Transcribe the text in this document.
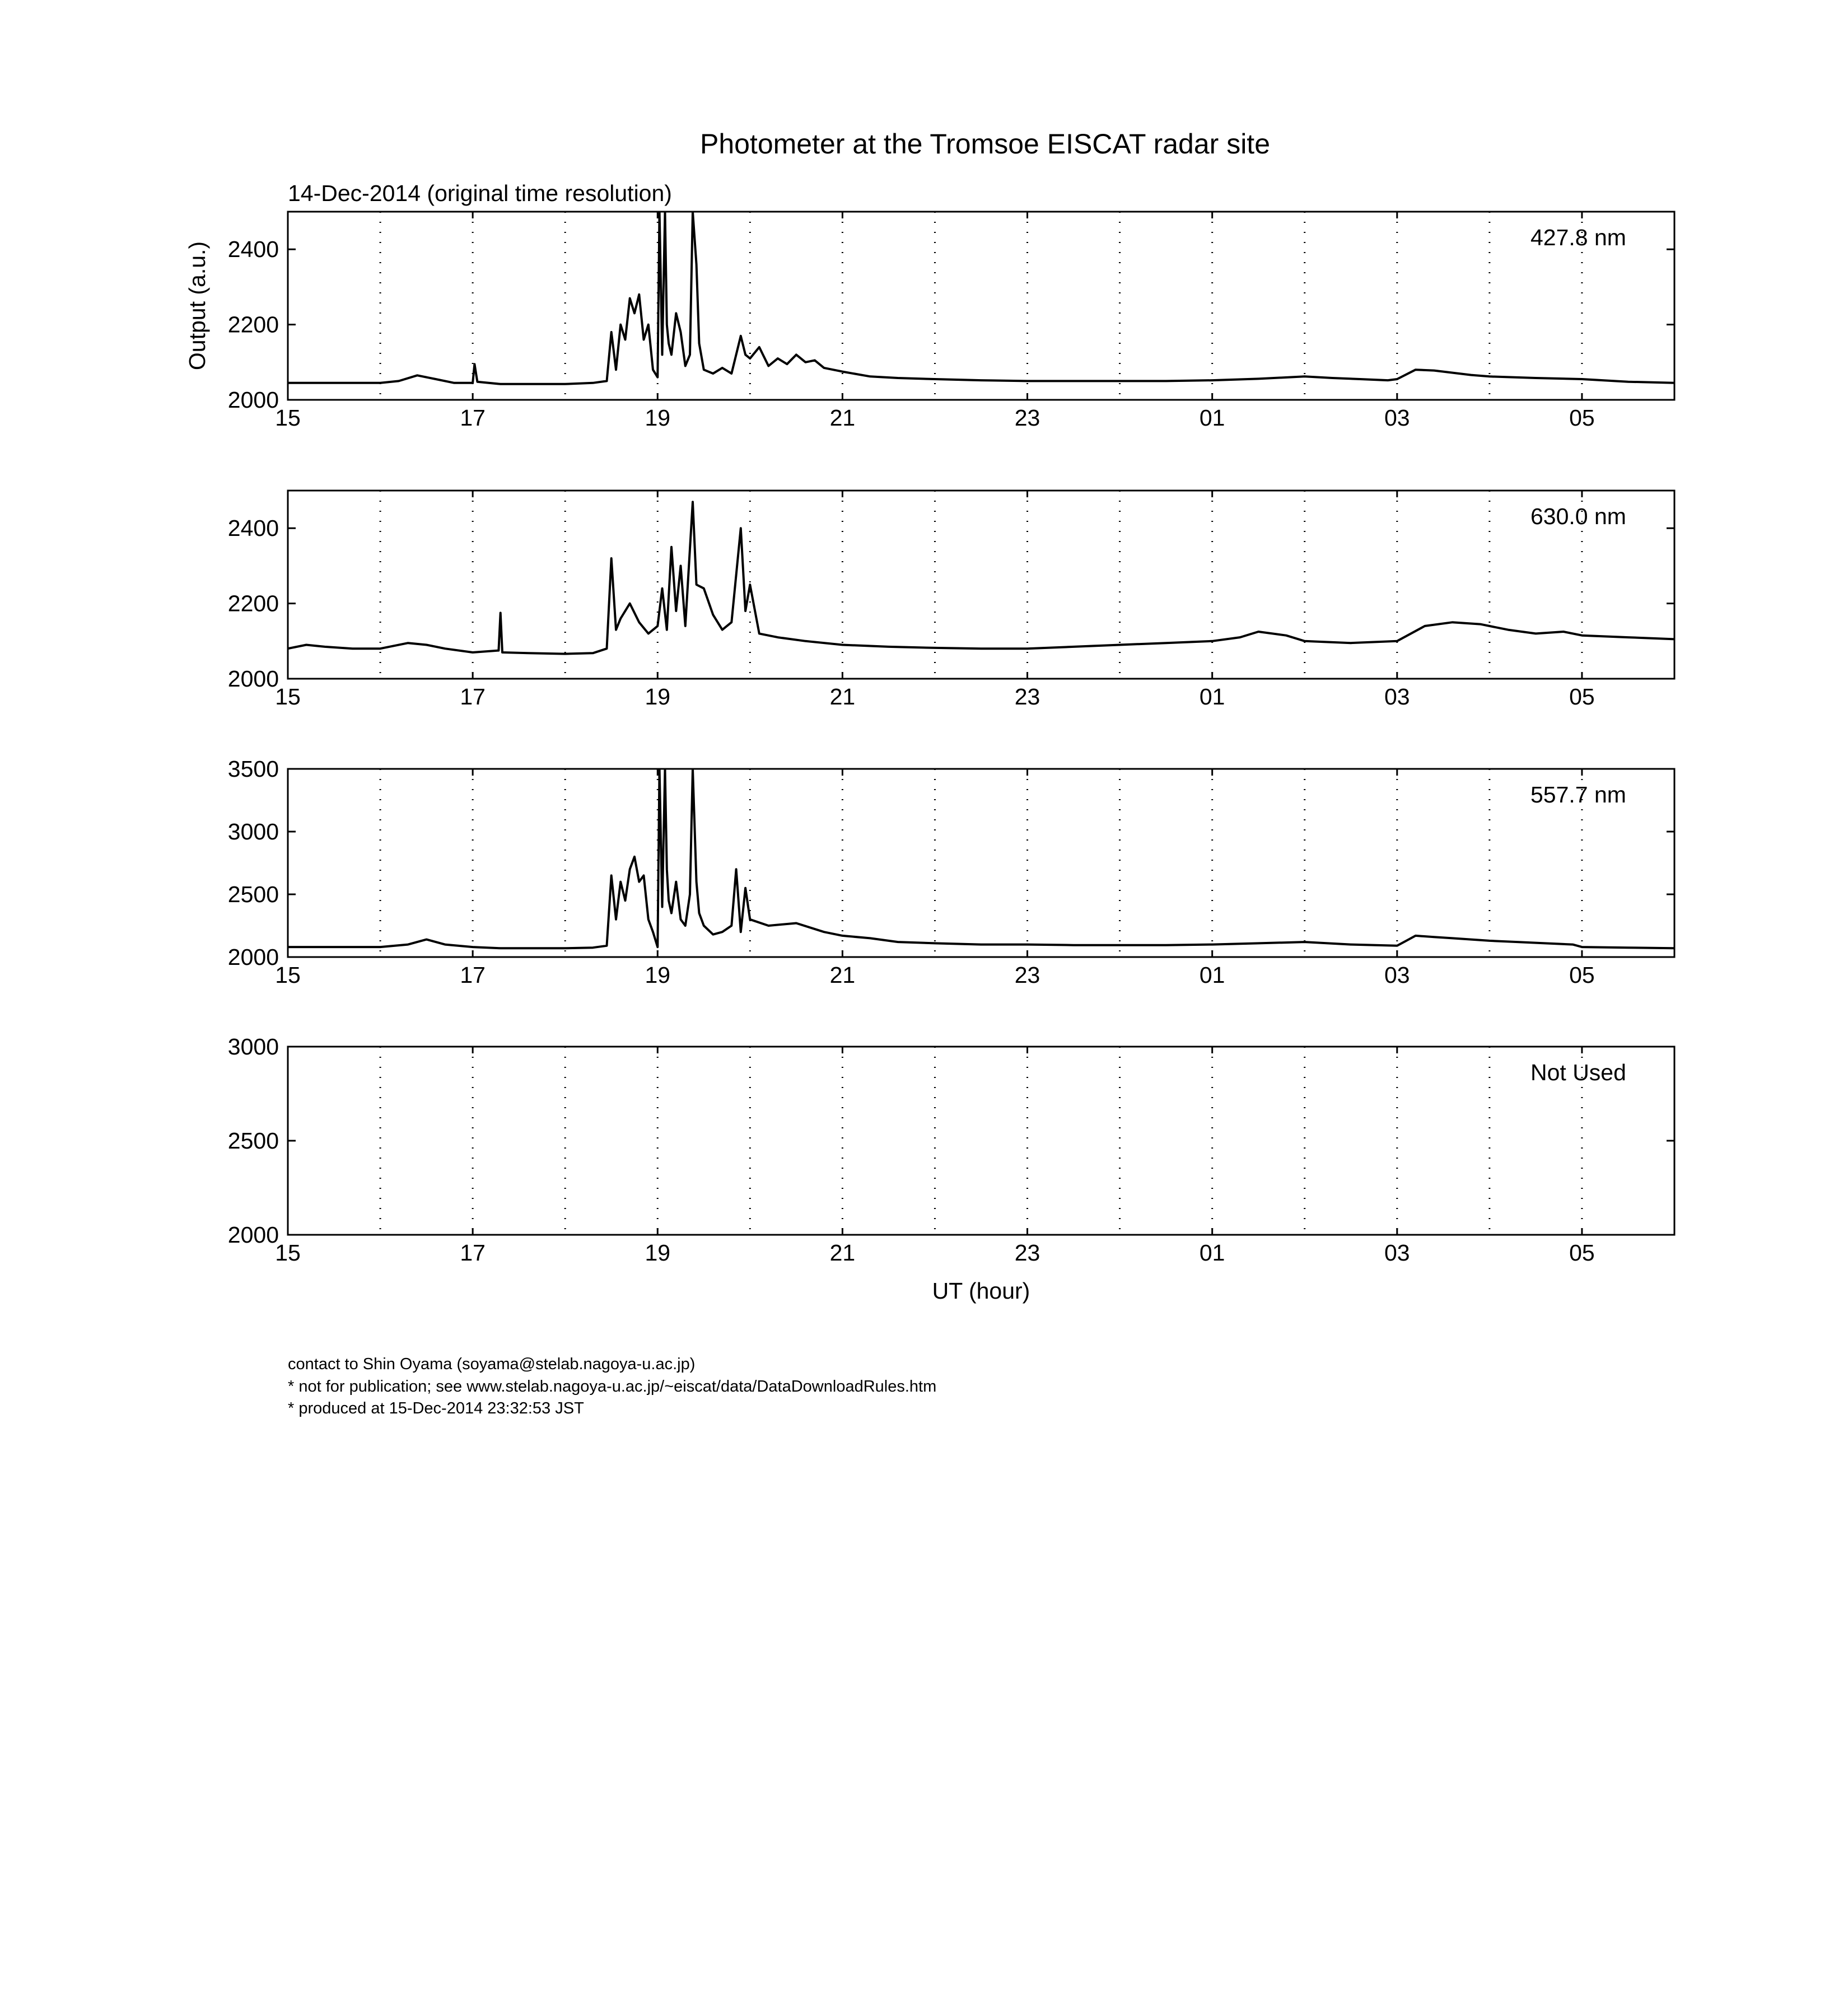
Photometer at the Tromsoe EISCAT radar site
14-Dec-2014 (original time resolution)
15	17	19	21	23	01	03	05
2000
2200
2400	427.8 nm
Output (a.u.)
15	17	19	21	23	01	03	05
2000
2200
2400	630.0 nm
15	17	19	21	23	01	03	05
2000
2500
3000
3500
557.7 nm
15	17	19	21	23	01	03	05
2000
2500
3000
Not Used
UT (hour)
contact to Shin Oyama (soyama@stelab.nagoya-u.ac.jp)
* not for publication; see www.stelab.nagoya-u.ac.jp/~eiscat/data/DataDownloadRules.htm
* produced at 15-Dec-2014 23:32:53 JST
